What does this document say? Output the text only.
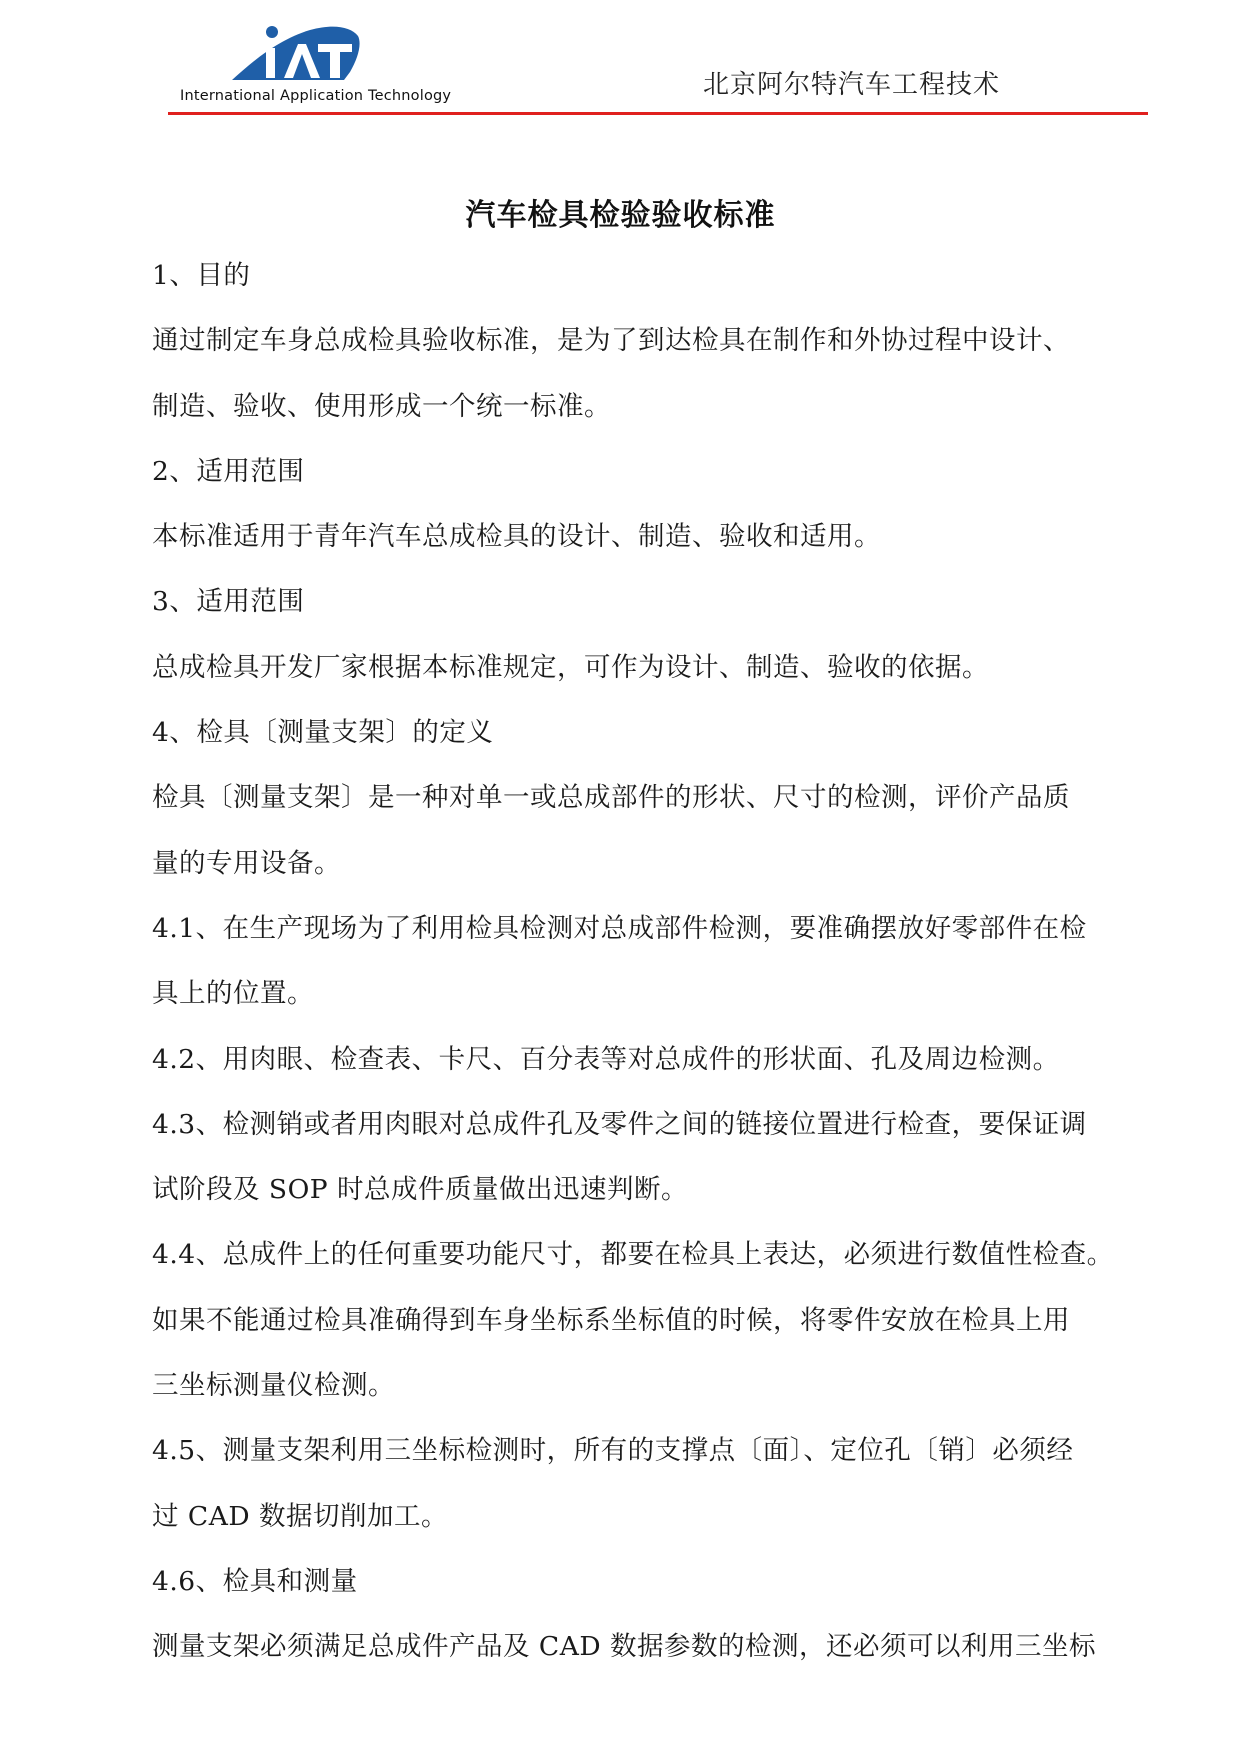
International Application Technology	北京阿尔特汽车工程技术
汽车检具检验验收标准
1、目的
通过制定车身总成检具验收标准，是为了到达检具在制作和外协过程中设计、
制造、验收、使用形成一个统一标准。
2、适用范围
本标准适用于青年汽车总成检具的设计、制造、验收和适用。
3、适用范围
总成检具开发厂家根据本标准规定，可作为设计、制造、验收的依据。
4、检具〔测量支架〕的定义
检具〔测量支架〕是一种对单一或总成部件的形状、尺寸的检测，评价产品质
量的专用设备。
4.1、在生产现场为了利用检具检测对总成部件检测，要准确摆放好零部件在检
具上的位置。
4.2、用肉眼、检查表、卡尺、百分表等对总成件的形状面、孔及周边检测。
4.3、检测销或者用肉眼对总成件孔及零件之间的链接位置进行检查，要保证调
试阶段及 SOP 时总成件质量做出迅速判断。
4.4、总成件上的任何重要功能尺寸，都要在检具上表达，必须进行数值性检查。
如果不能通过检具准确得到车身坐标系坐标值的时候，将零件安放在检具上用
三坐标测量仪检测。
4.5、测量支架利用三坐标检测时，所有的支撑点〔面〕、定位孔〔销〕必须经
过 CAD 数据切削加工。
4.6、检具和测量
测量支架必须满足总成件产品及 CAD 数据参数的检测，还必须可以利用三坐标
